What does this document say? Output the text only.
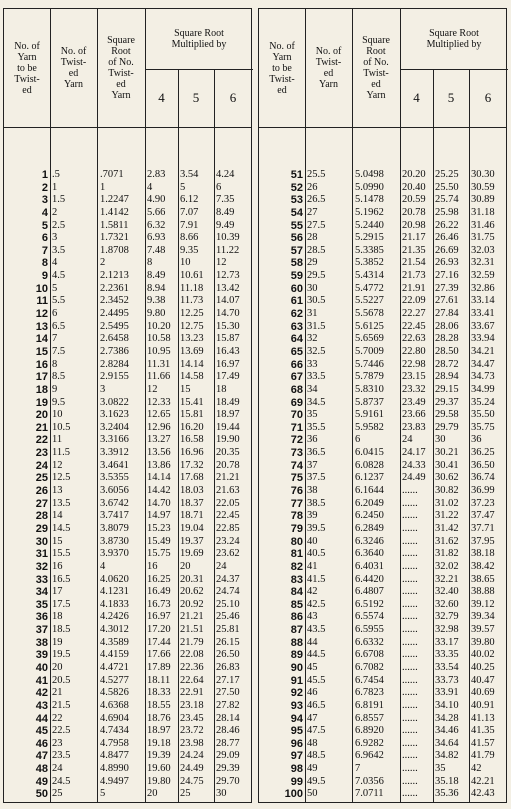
No. of
Yarn
to be
Twist-
ed
No. of
Twist-
ed
Yarn
Square
Root
of No.
Twist-
ed
Yarn
Square Root
Multiplied by
4	5	6
1 .5	.7071	2.83	3.54	4.24
2 1	1	4	5	6
3 1.5	1.2247	4.90	6.12	7.35
4 2	1.4142	5.66	7.07	8.49
5 2.5	1.5811	6.32	7.91	9.49
6 3	1.7321	6.93	8.66	10.39
7 3.5	1.8708	7.48	9.35	11.22
8 4	2	8	10	12
9 4.5	2.1213	8.49	10.61	12.73
10 5	2.2361	8.94	11.18	13.42
11 5.5	2.3452	9.38	11.73	14.07
12 6	2.4495	9.80	12.25	14.70
13 6.5	2.5495	10.20 12.75	15.30
14 7	2.6458	10.58 13.23	15.87
15 7.5	2.7386	10.95 13.69	16.43
16 8	2.8284	11.31 14.14	16.97
17 8.5	2.9155	11.66 14.58	17.49
18 9	3	12	15	18
19 9.5	3.0822	12.33 15.41	18.49
20 10	3.1623	12.65 15.81	18.97
21 10.5	3.2404	12.96 16.20	19.44
22 11	3.3166	13.27 16.58	19.90
23 11.5	3.3912	13.56 16.96	20.35
24 12	3.4641	13.86 17.32	20.78
25 12.5	3.5355	14.14 17.68	21.21
26 13	3.6056	14.42 18.03	21.63
27 13.5	3.6742	14.70 18.37	22.05
28 14	3.7417	14.97 18.71	22.45
29 14.5	3.8079	15.23 19.04	22.85
30 15	3.8730	15.49 19.37	23.24
31 15.5	3.9370	15.75 19.69	23.62
32 16	4	16	20	24
33 16.5	4.0620	16.25 20.31	24.37
34 17	4.1231	16.49 20.62	24.74
35 17.5	4.1833	16.73 20.92	25.10
36 18	4.2426	16.97 21.21	25.46
37 18.5	4.3012	17.20 21.51	25.81
38 19	4.3589	17.44 21.79	26.15
39 19.5	4.4159	17.66 22.08	26.50
40 20	4.4721	17.89 22.36	26.83
41 20.5	4.5277	18.11 22.64	27.17
42 21	4.5826	18.33 22.91	27.50
43 21.5	4.6368	18.55 23.18	27.82
44 22	4.6904	18.76 23.45	28.14
45 22.5	4.7434	18.97 23.72	28.46
46 23	4.7958	19.18 23.98	28.77
47 23.5	4.8477	19.39 24.24	29.09
48 24	4.8990	19.60 24.49	29.39
49 24.5	4.9497	19.80 24.75	29.70
50 25	5	20	25	30
No. of
Yarn
to be
Twist-
ed
No. of
Twist-
ed
Yarn
Square
Root
of No.
Twist-
ed
Yarn
Square Root
Multiplied by
4	5	6
51 25.5	5.0498	20.20 25.25	30.30
52 26	5.0990	20.40 25.50	30.59
53 26.5	5.1478	20.59 25.74	30.89
54 27	5.1962	20.78 25.98	31.18
55 27.5	5.2440	20.98 26.22	31.46
56 28	5.2915	21.17 26.46	31.75
57 28.5	5.3385	21.35 26.69	32.03
58 29	5.3852	21.54 26.93	32.31
59 29.5	5.4314	21.73 27.16	32.59
60 30	5.4772	21.91 27.39	32.86
61 30.5	5.5227	22.09 27.61	33.14
62 31	5.5678	22.27 27.84	33.41
63 31.5	5.6125	22.45 28.06	33.67
64 32	5.6569	22.63 28.28	33.94
65 32.5	5.7009	22.80 28.50	34.21
66 33	5.7446	22.98 28.72	34.47
67 33.5	5.7879	23.15 28.94	34.73
68 34	5.8310	23.32 29.15	34.99
69 34.5	5.8737	23.49 29.37	35.24
70 35	5.9161	23.66 29.58	35.50
71 35.5	5.9582	23.83 29.79	35.75
72 36	6	24	30	36
73 36.5	6.0415	24.17 30.21	36.25
74 37	6.0828	24.33 30.41	36.50
75 37.5	6.1237	24.49 30.62	36.74
76 38	6.1644	......	30.82	36.99
77 38.5	6.2049	......	31.02	37.23
78 39	6.2450	......	31.22	37.47
79 39.5	6.2849	......	31.42	37.71
80 40	6.3246	......	31.62	37.95
81 40.5	6.3640	......	31.82	38.18
82 41	6.4031	......	32.02	38.42
83 41.5	6.4420	......	32.21	38.65
84 42	6.4807	......	32.40	38.88
85 42.5	6.5192	......	32.60	39.12
86 43	6.5574	......	32.79	39.34
87 43.5	6.5955	......	32.98	39.57
88 44	6.6332	......	33.17	39.80
89 44.5	6.6708	......	33.35	40.02
90 45	6.7082	......	33.54	40.25
91 45.5	6.7454	......	33.73	40.47
92 46	6.7823	......	33.91	40.69
93 46.5	6.8191	......	34.10	40.91
94 47	6.8557	......	34.28	41.13
95 47.5	6.8920	......	34.46	41.35
96 48	6.9282	......	34.64	41.57
97 48.5	6.9642	......	34.82	41.79
98 49	7	......	35	42
99 49.5	7.0356	......	35.18	42.21
100 50	7.0711	......	35.36	42.43
